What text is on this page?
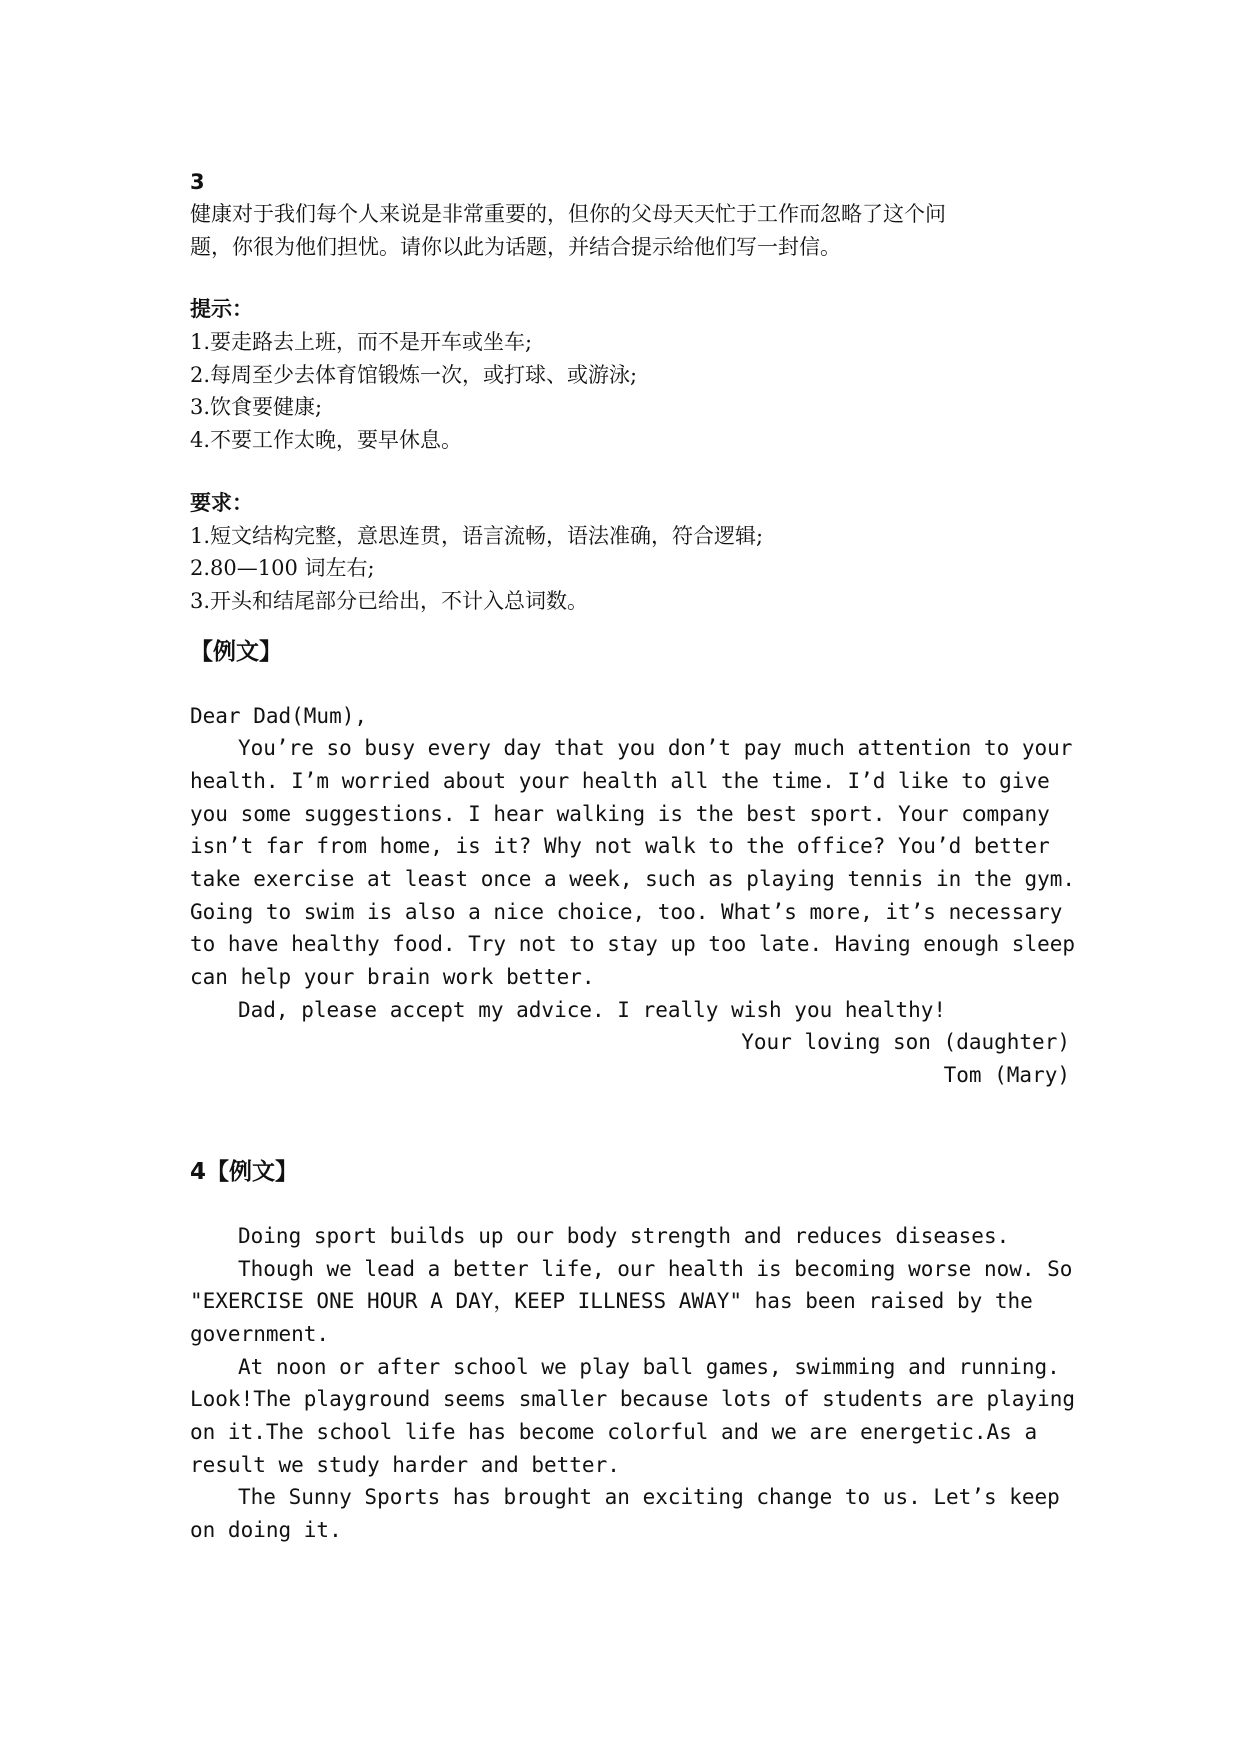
3
健康对于我们每个人来说是非常重要的，但你的父母天天忙于工作而忽略了这个问
题，你很为他们担忧。请你以此为话题，并结合提示给他们写一封信。
提示：
1.要走路去上班，而不是开车或坐车;
2.每周至少去体育馆锻炼一次，或打球、或游泳;
3.饮食要健康;
4.不要工作太晚，要早休息。
要求：
1.短文结构完整，意思连贯，语言流畅，语法准确，符合逻辑;
2.80—100 词左右;
3.开头和结尾部分已给出，不计入总词数。
【例文】
Dear Dad(Mum),
You’re so busy every day that you don’t pay much attention to your
health. I’m worried about your health all the time. I’d like to give
you some suggestions. I hear walking is the best sport. Your company
isn’t far from home, is it? Why not walk to the office? You’d better
take exercise at least once a week, such as playing tennis in the gym.
Going to swim is also a nice choice, too. What’s more, it’s necessary
to have healthy food. Try not to stay up too late. Having enough sleep
can help your brain work better.
Dad, please accept my advice. I really wish you healthy!
Your loving son (daughter)
Tom (Mary)
4【例文】
Doing sport builds up our body strength and reduces diseases.
Though we lead a better life, our health is becoming worse now. So
"EXERCISE ONE HOUR A DAY，KEEP ILLNESS AWAY" has been raised by the
government.
At noon or after school we play ball games, swimming and running.
Look!The playground seems smaller because lots of students are playing
on it.The school life has become colorful and we are energetic.As a
result we study harder and better.
The Sunny Sports has brought an exciting change to us. Let’s keep
on doing it.
